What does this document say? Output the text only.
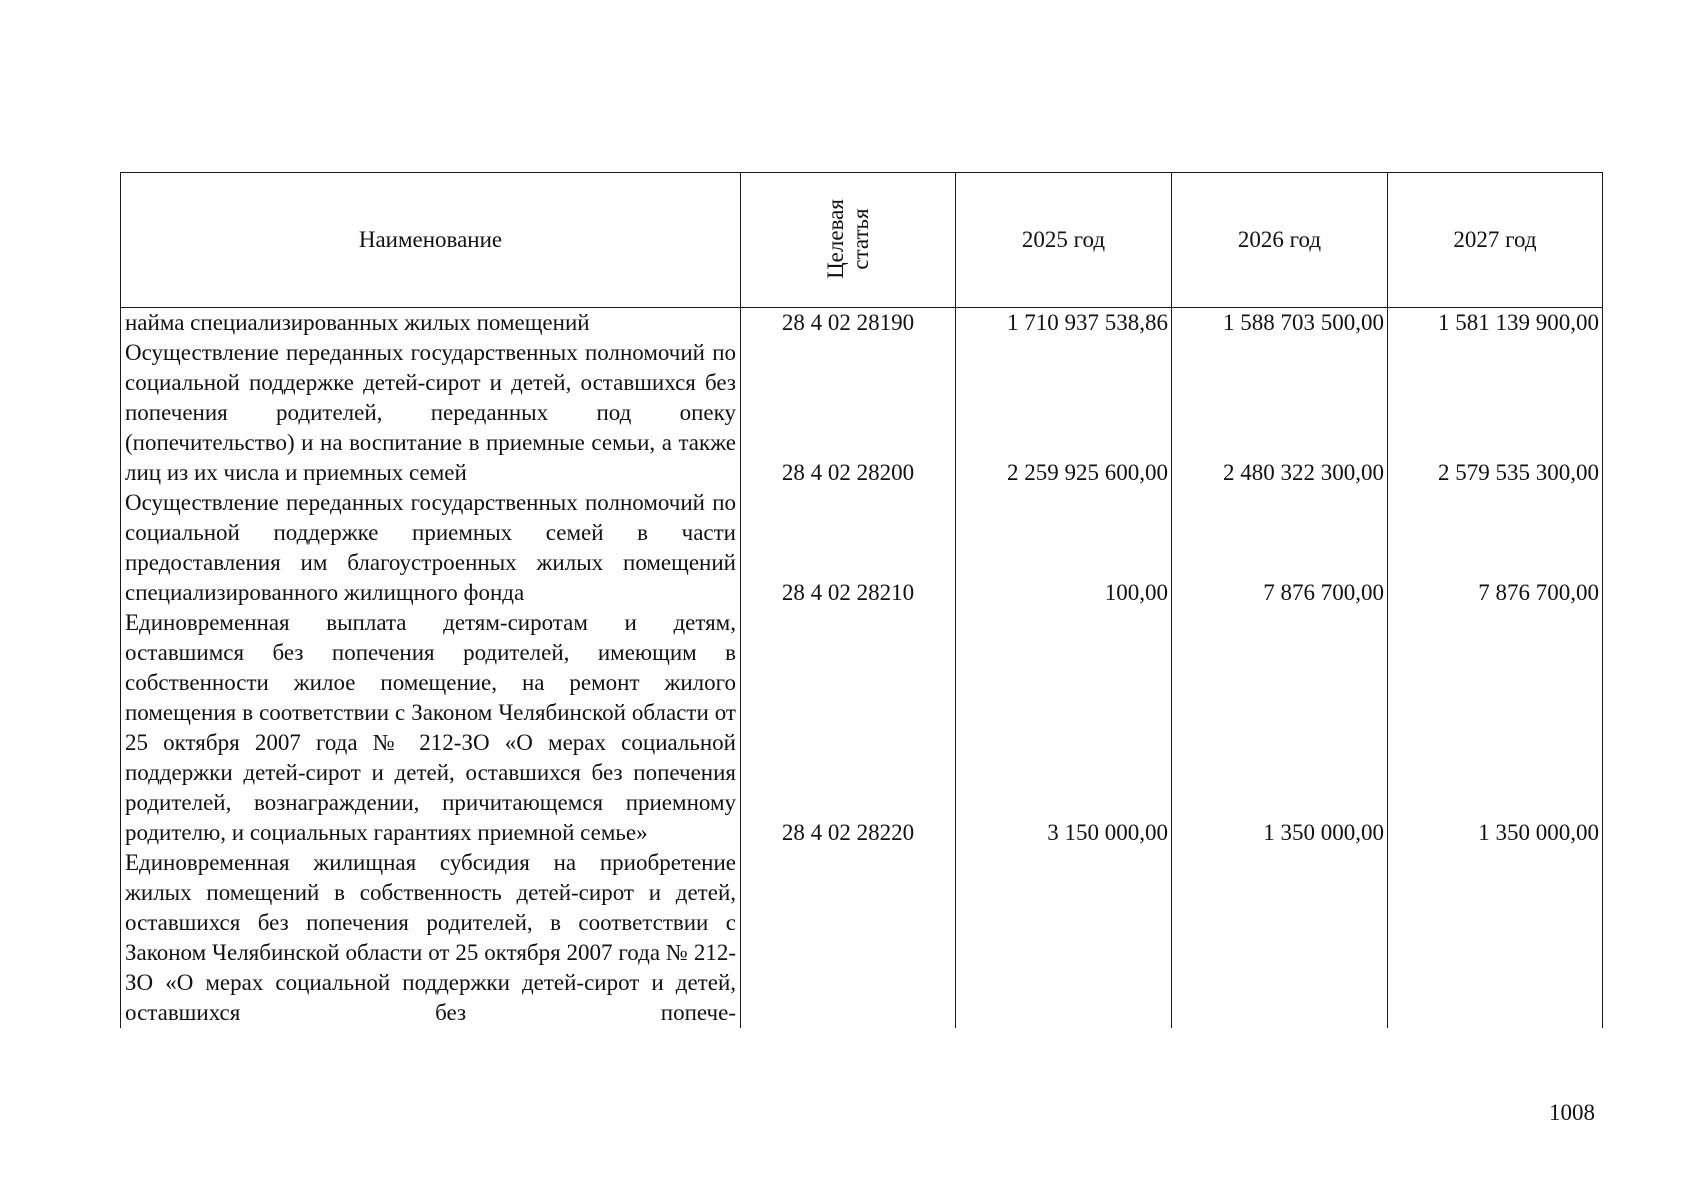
Наименование	Целевая статья	2025 год	2026 год	2027 год
найма специализированных жилых помещений	28 4 02 28190	1 710 937 538,86	1 588 703 500,00	1 581 139 900,00
Осуществление переданных государственных полномочий по социальной поддержке детей-сирот и детей, оставшихся без попечения родителей, переданных под опеку (попечительство) и на воспитание в приемные семьи, а также лиц из их числа и приемных семей	28 4 02 28200	2 259 925 600,00	2 480 322 300,00	2 579 535 300,00
Осуществление переданных государственных полномочий по социальной поддержке приемных семей в части предоставления им благоустроенных жилых помещений специализированного жилищного фонда	28 4 02 28210	100,00	7 876 700,00	7 876 700,00
Единовременная выплата детям-сиротам и детям, оставшимся без попечения родителей, имеющим в собственности жилое помещение, на ремонт жилого помещения в соответствии с Законом Челябинской области от 25 октября 2007 года № 212-ЗО «О мерах социальной поддержки детей-сирот и детей, оставшихся без попечения родителей, вознаграждении, причитающемся приемному родителю, и социальных гарантиях приемной семье»	28 4 02 28220	3 150 000,00	1 350 000,00	1 350 000,00
Единовременная жилищная субсидия на приобретение жилых помещений в собственность детей-сирот и детей, оставшихся без попечения родителей, в соответствии с Законом Челябинской области от 25 октября 2007 года № 212-ЗО «О мерах социальной поддержки детей-сирот и детей, оставшихся без попече-				
1008
